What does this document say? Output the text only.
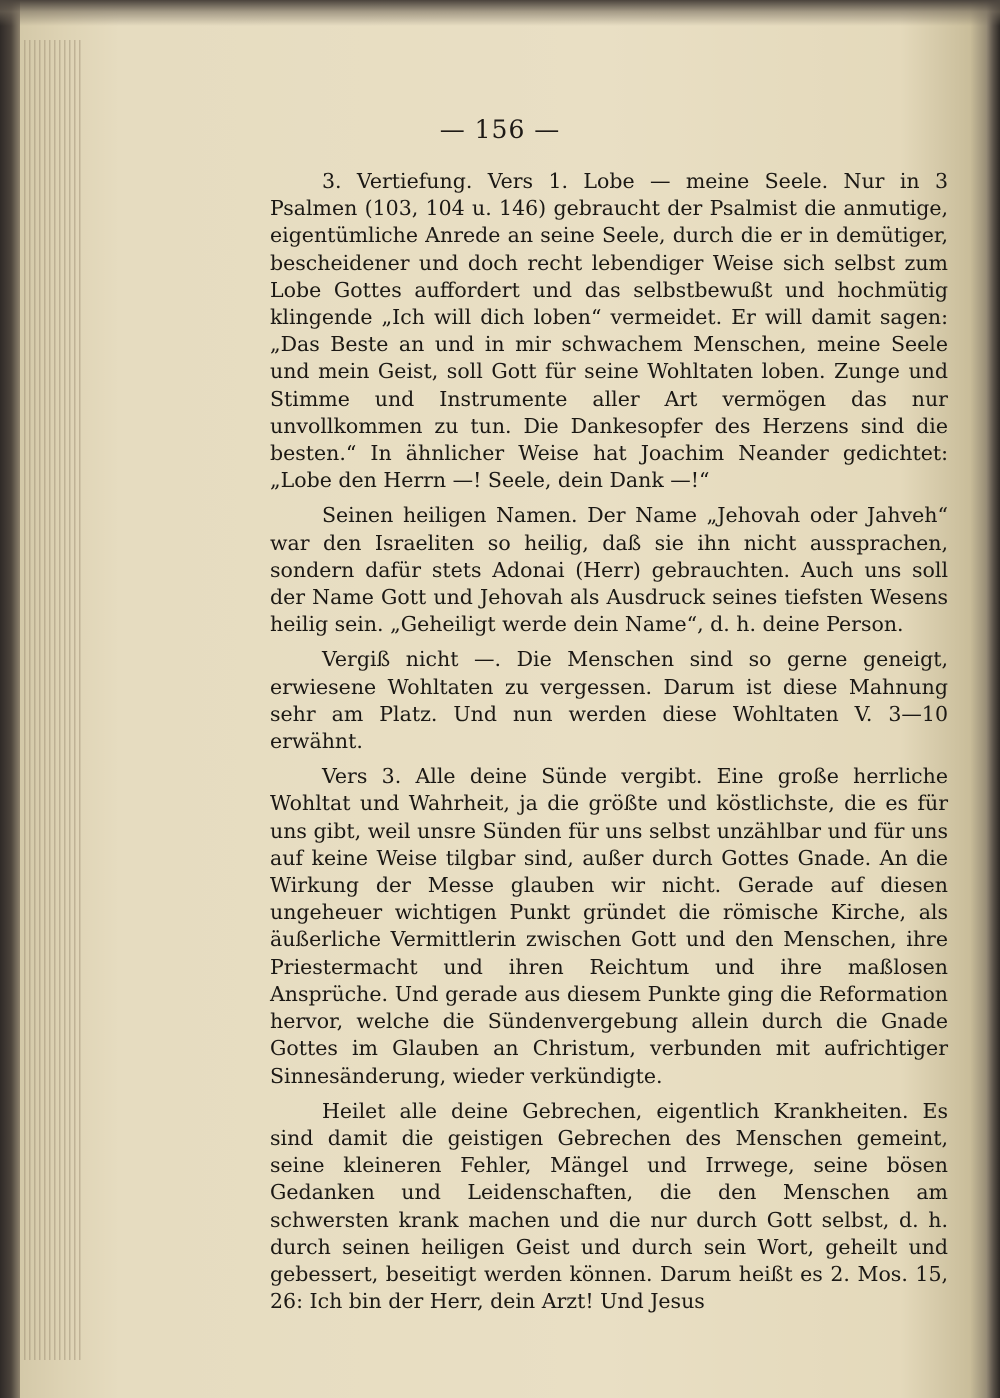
— 156 —

3. Vertiefung. Vers 1. Lobe — meine Seele. Nur in 3 Psalmen (103, 104 u. 146) gebraucht der Psalmist die anmutige, eigentümliche Anrede an seine Seele, durch die er in demütiger, bescheidener und doch recht lebendiger Weise sich selbst zum Lobe Gottes auffordert und das selbstbewußt und hochmütig klingende „Ich will dich loben“ vermeidet. Er will damit sagen: „Das Beste an und in mir schwachem Menschen, meine Seele und mein Geist, soll Gott für seine Wohltaten loben. Zunge und Stimme und Instrumente aller Art vermögen das nur unvollkommen zu tun. Die Dankesopfer des Herzens sind die besten.“ In ähnlicher Weise hat Joachim Neander gedichtet: „Lobe den Herrn —! Seele, dein Dank —!“

Seinen heiligen Namen. Der Name „Jehovah oder Jahveh“ war den Israeliten so heilig, daß sie ihn nicht aussprachen, sondern dafür stets Adonai (Herr) gebrauchten. Auch uns soll der Name Gott und Jehovah als Ausdruck seines tiefsten Wesens heilig sein. „Geheiligt werde dein Name“, d. h. deine Person.

Vergiß nicht —. Die Menschen sind so gerne geneigt, erwiesene Wohltaten zu vergessen. Darum ist diese Mahnung sehr am Platz. Und nun werden diese Wohltaten V. 3—10 erwähnt.

Vers 3. Alle deine Sünde vergibt. Eine große herrliche Wohltat und Wahrheit, ja die größte und köstlichste, die es für uns gibt, weil unsre Sünden für uns selbst unzählbar und für uns auf keine Weise tilgbar sind, außer durch Gottes Gnade. An die Wirkung der Messe glauben wir nicht. Gerade auf diesen ungeheuer wichtigen Punkt gründet die römische Kirche, als äußerliche Vermittlerin zwischen Gott und den Menschen, ihre Priestermacht und ihren Reichtum und ihre maßlosen Ansprüche. Und gerade aus diesem Punkte ging die Reformation hervor, welche die Sündenvergebung allein durch die Gnade Gottes im Glauben an Christum, verbunden mit aufrichtiger Sinnesänderung, wieder verkündigte.

Heilet alle deine Gebrechen, eigentlich Krankheiten. Es sind damit die geistigen Gebrechen des Menschen gemeint, seine kleineren Fehler, Mängel und Irrwege, seine bösen Gedanken und Leidenschaften, die den Menschen am schwersten krank machen und die nur durch Gott selbst, d. h. durch seinen heiligen Geist und durch sein Wort, geheilt und gebessert, beseitigt werden können. Darum heißt es 2. Mos. 15, 26: Ich bin der Herr, dein Arzt! Und Jesus
